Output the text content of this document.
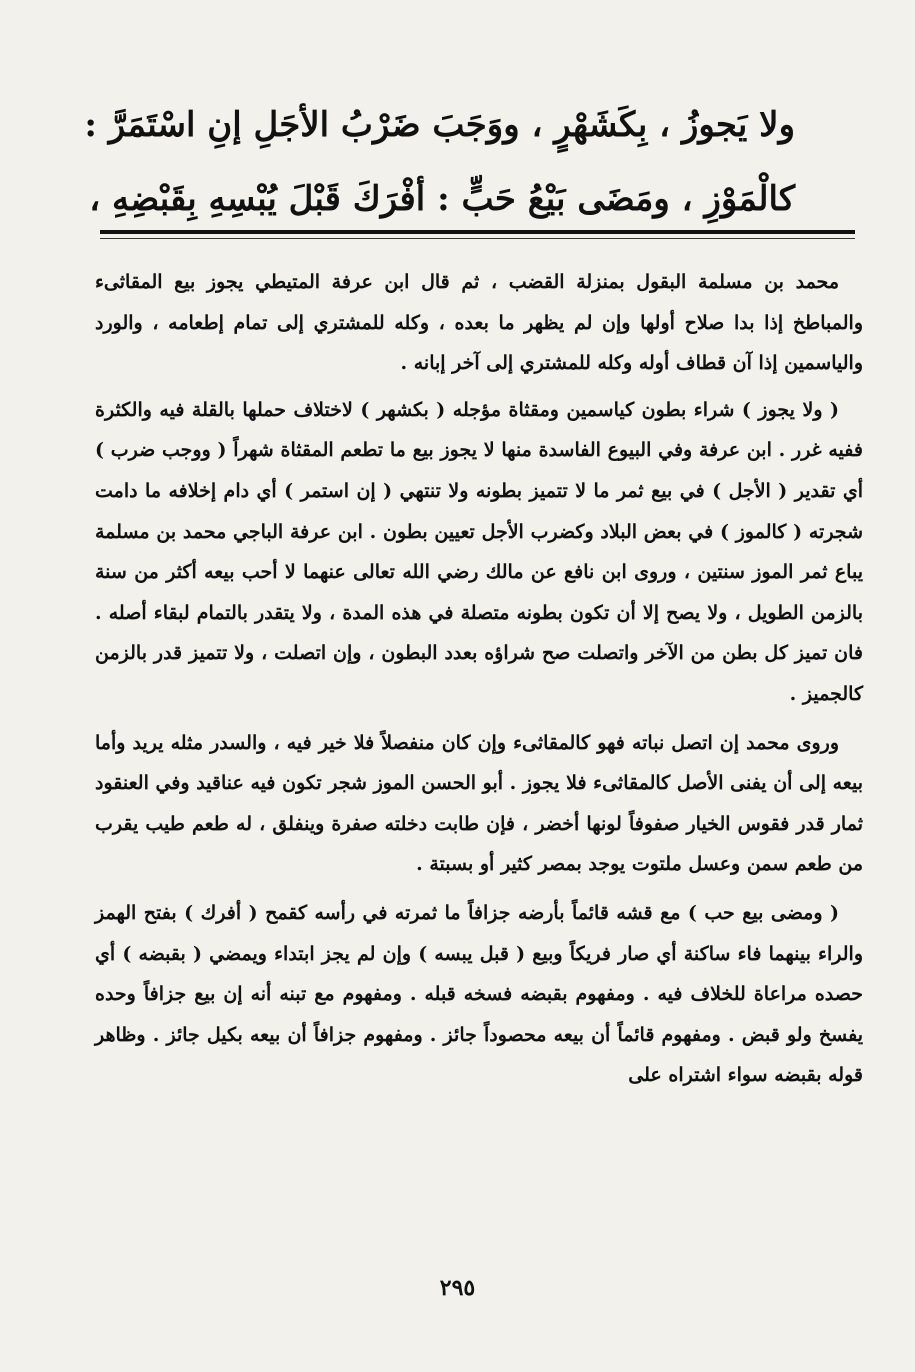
ولا يَجوزُ ، بِكَشَهْرٍ ، ووَجَبَ ضَرْبُ الأجَلِ إنِ اسْتَمَرَّ :
كالْمَوْزِ ، ومَضَى بَيْعُ حَبٍّ : أفْرَكَ قَبْلَ يُبْسِهِ بِقَبْضِهِ ،

محمد بن مسلمة البقول بمنزلة القضب ، ثم قال ابن عرفة المتيطي يجوز بيع المقاثىء والمباطخ إذا بدا صلاح أولها وإن لم يظهر ما بعده ، وكله للمشتري إلى تمام إطعامه ، والورد والياسمين إذا آن قطاف أوله وكله للمشتري إلى آخر إبانه .

( ولا يجوز ) شراء بطون كياسمين ومقثاة مؤجله ( بكشهر ) لاختلاف حملها بالقلة فيه والكثرة ففيه غرر . ابن عرفة وفي البيوع الفاسدة منها لا يجوز بيع ما تطعم المقثاة شهراً ( ووجب ضرب ) أي تقدير ( الأجل ) في بيع ثمر ما لا تتميز بطونه ولا تنتهي ( إن استمر ) أي دام إخلافه ما دامت شجرته ( كالموز ) في بعض البلاد وكضرب الأجل تعيين بطون . ابن عرفة الباجي محمد بن مسلمة يباع ثمر الموز سنتين ، وروى ابن نافع عن مالك رضي الله تعالى عنهما لا أحب بيعه أكثر من سنة بالزمن الطويل ، ولا يصح إلا أن تكون بطونه متصلة في هذه المدة ، ولا يتقدر بالتمام لبقاء أصله . فان تميز كل بطن من الآخر واتصلت صح شراؤه بعدد البطون ، وإن اتصلت ، ولا تتميز قدر بالزمن كالجميز .

وروى محمد إن اتصل نباته فهو كالمقاثىء وإن كان منفصلاً فلا خير فيه ، والسدر مثله يريد وأما بيعه إلى أن يفنى الأصل كالمقاثىء فلا يجوز . أبو الحسن الموز شجر تكون فيه عناقيد وفي العنقود ثمار قدر فقوس الخيار صفوفاً لونها أخضر ، فإن طابت دخلته صفرة وينفلق ، له طعم طيب يقرب من طعم سمن وعسل ملتوت يوجد بمصر كثير أو بسبتة .

( ومضى بيع حب ) مع قشه قائماً بأرضه جزافاً ما ثمرته في رأسه كقمح ( أفرك ) بفتح الهمز والراء بينهما فاء ساكنة أي صار فريكاً وبيع ( قبل يبسه ) وإن لم يجز ابتداء ويمضي ( بقبضه ) أي حصده مراعاة للخلاف فيه . ومفهوم بقبضه فسخه قبله . ومفهوم مع تبنه أنه إن بيع جزافاً وحده يفسخ ولو قبض . ومفهوم قائماً أن بيعه محصوداً جائز . ومفهوم جزافاً أن بيعه بكيل جائز . وظاهر قوله بقبضه سواء اشتراه على

٢٩٥
